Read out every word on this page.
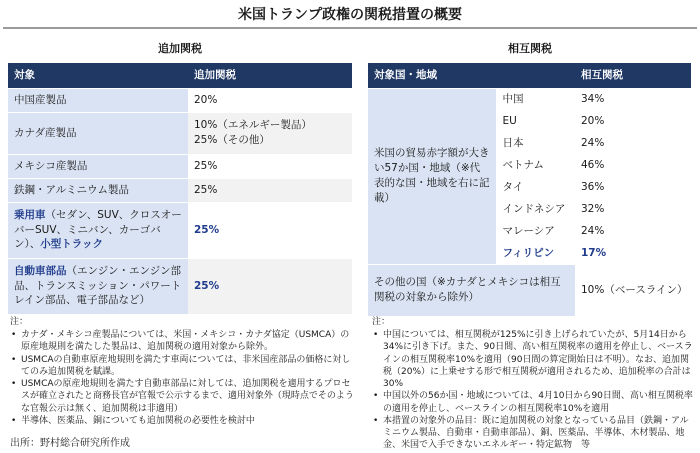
米国トランプ政権の関税措置の概要
追加関税	相互関税
対象	追加関税
中国産製品	20%
カナダ産製品	10%（エネルギー製品）
25%（その他）

メキシコ産製品	25%
鉄鋼・アルミニウム製品	25%
乗用車（セダン、SUV、クロスオーバーSUV、ミニバン、カーゴバン）、小型トラック	25%
自動車部品（エンジン・エンジン部品、トランスミッション・パワートレイン部品、電子部品など）	25%
対象国・地域		相互関税
米国の貿易赤字額が大きい57か国・地域（※代表的な国・地域を右に記載）	中国	34%
	EU	20%
	日本	24%
	ベトナム	46%
	タイ	36%
	インドネシア	32%
	マレーシア	24%
	フィリピン	17%
その他の国（※カナダとメキシコは相互関税の対象から除外）		10%（ベースライン）
注：
• カナダ・メキシコ産製品については、米国・メキシコ・カナダ協定（USMCA）の原産地規則を満たした製品は、追加関税の適用対象から除外。
• USMCAの自動車原産地規則を満たす車両については、非米国産部品の価格に対してのみ追加関税を賦課。
• USMCAの原産地規則を満たす自動車部品に対しては、追加関税を適用するプロセスが確立されたと商務長官が官報で公示するまで、適用対象外（現時点でそのような官報公示は無く、追加関税は非適用）
• 半導体、医薬品、銅についても追加関税の必要性を検討中
注：
• 中国については、相互関税が125%に引き上げられていたが、5月14日から34%に引き下げ。また、90日間、高い相互関税率の適用を停止し、ベースラインの相互関税率10%を適用（90日間の算定開始日は不明）。なお、追加関税（20%）に上乗せする形で相互関税が適用されるため、追加税率の合計は30%
• 中国以外の56か国・地域については、4月10日から90日間、高い相互関税率の適用を停止し、ベースラインの相互関税率10%を適用
• 本措置の対象外の品目：既に追加関税の対象となっている品目（鉄鋼・アルミニウム製品、自動車・自動車部品）、銅、医薬品、半導体、木材製品、地金、米国で入手できないエネルギー・特定鉱物　等
出所：野村総合研究所作成
